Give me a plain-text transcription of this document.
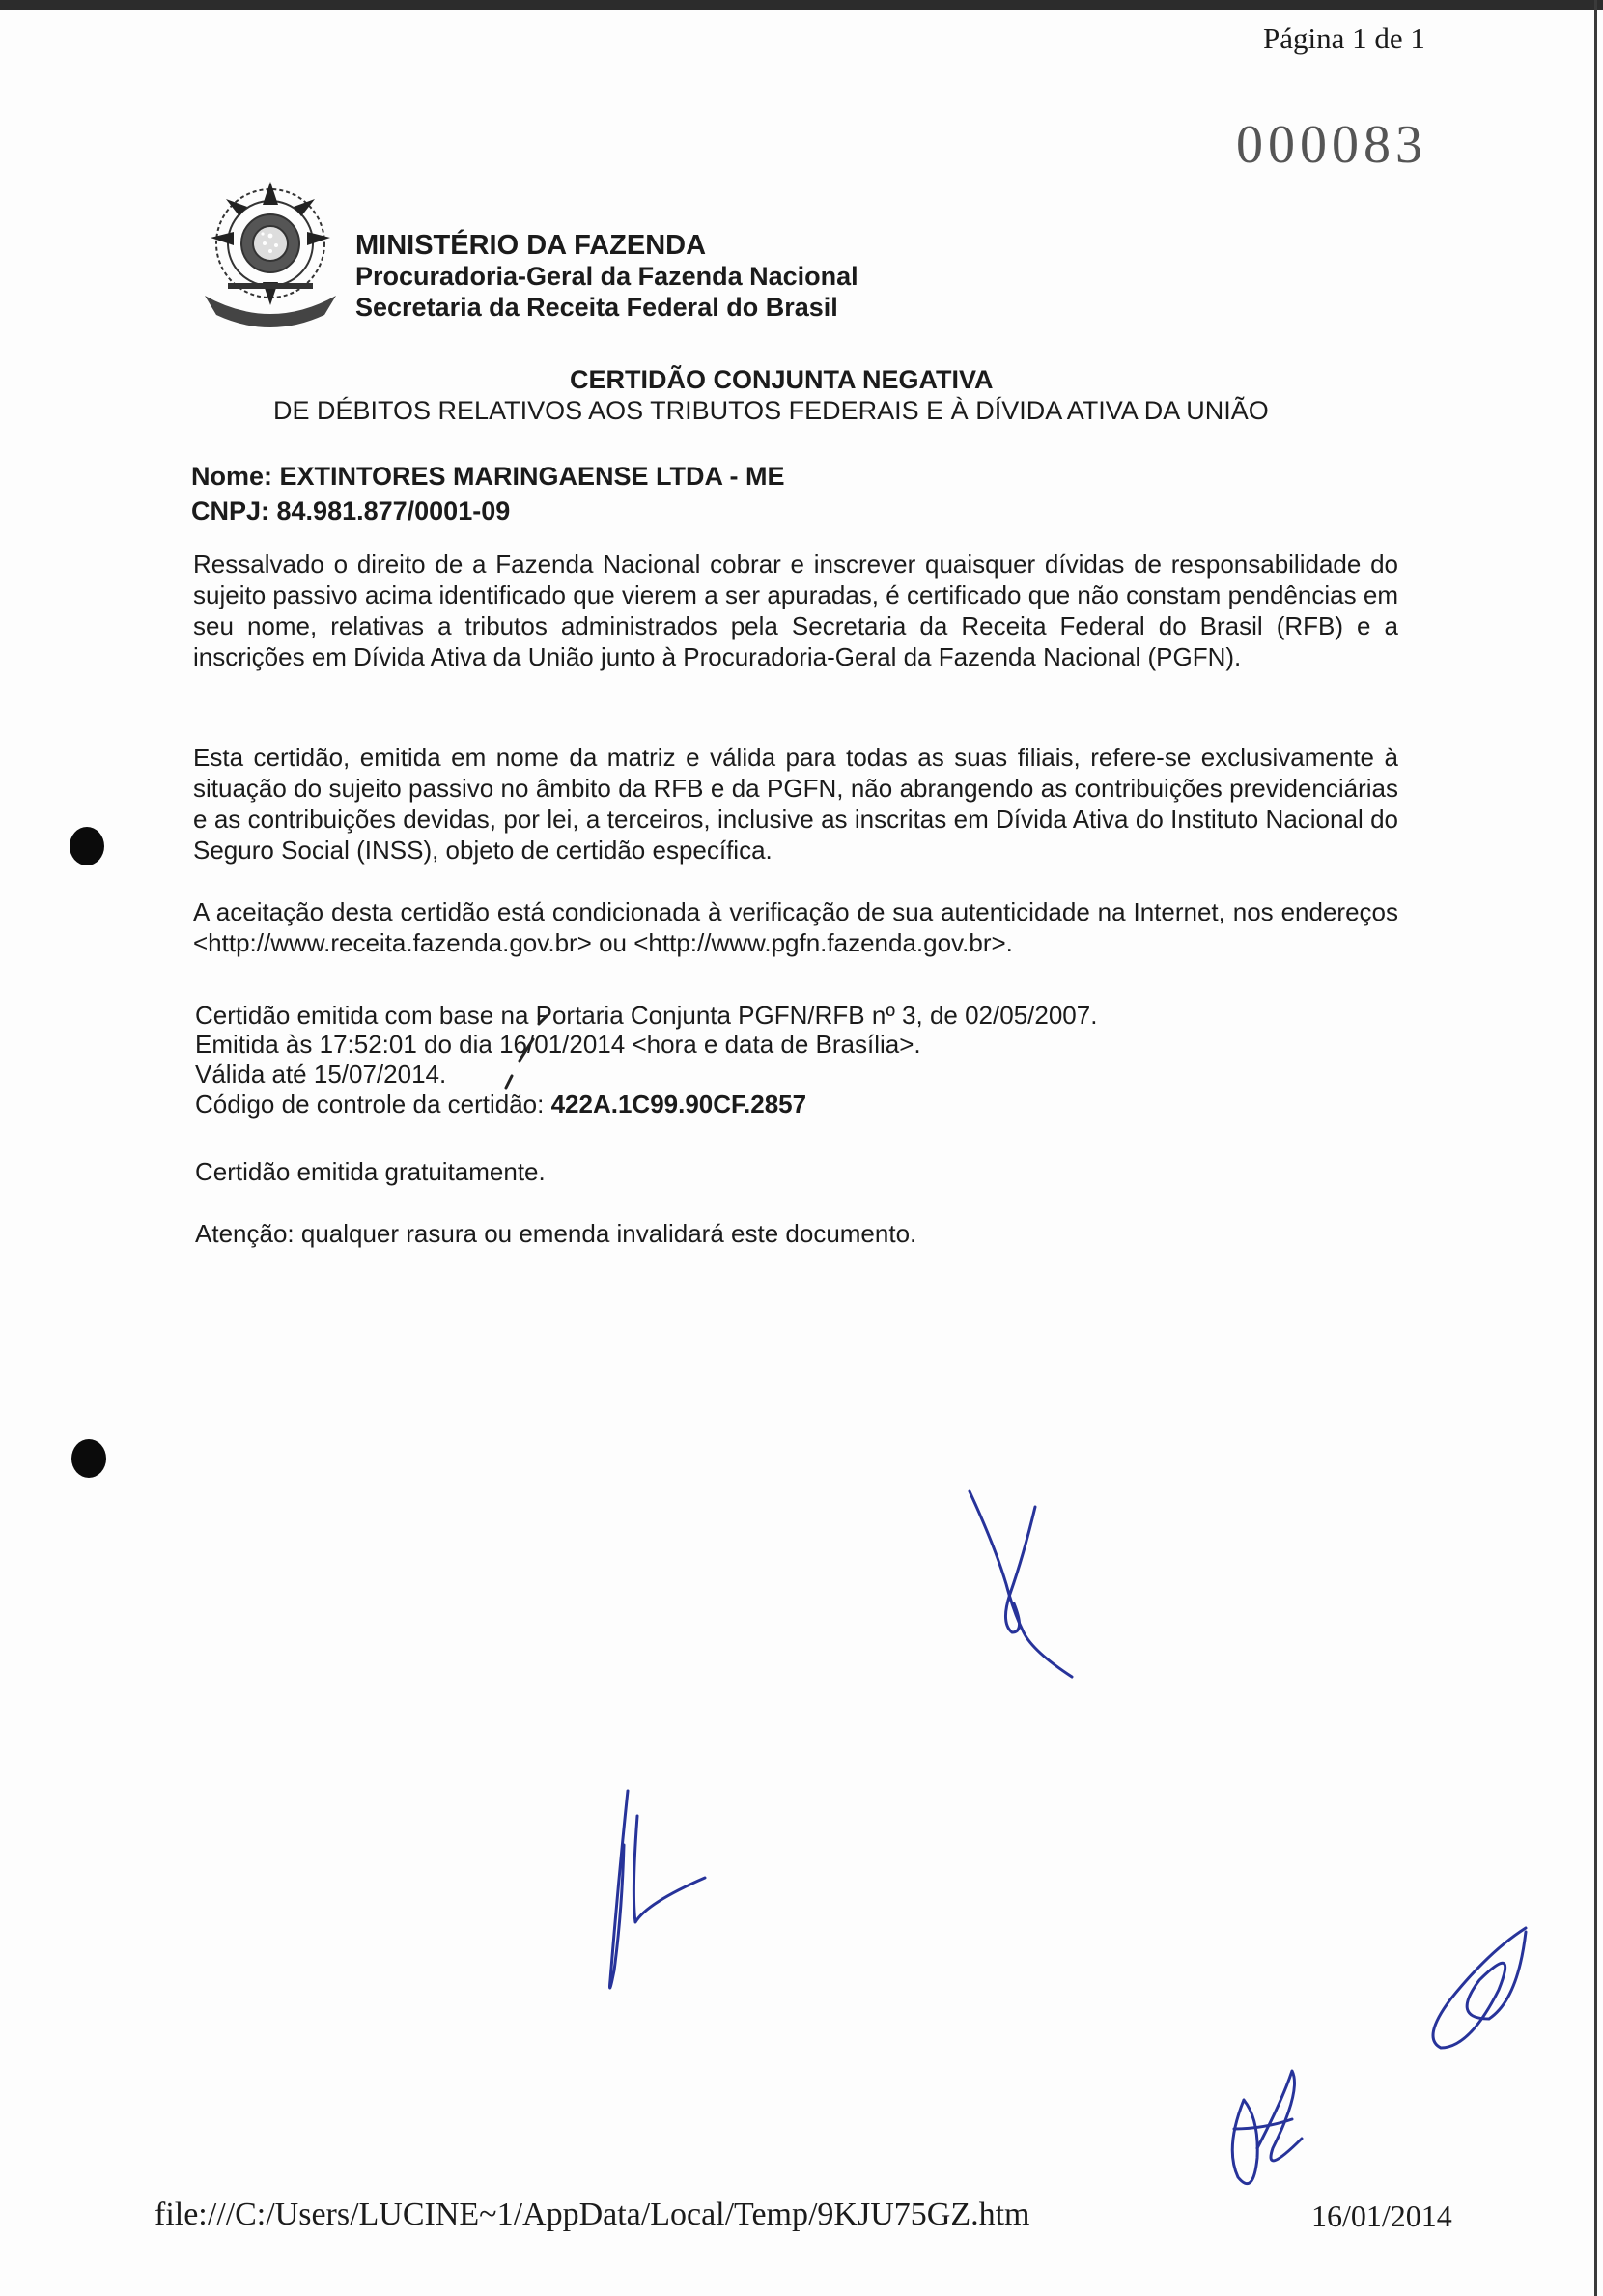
Página 1 de 1
000083
MINISTÉRIO DA FAZENDA
Procuradoria-Geral da Fazenda Nacional
Secretaria da Receita Federal do Brasil
CERTIDÃO CONJUNTA NEGATIVA
DE DÉBITOS RELATIVOS AOS TRIBUTOS FEDERAIS E À DÍVIDA ATIVA DA UNIÃO
Nome: EXTINTORES MARINGAENSE LTDA - ME
CNPJ: 84.981.877/0001-09
Ressalvado o direito de a Fazenda Nacional cobrar e inscrever quaisquer dívidas de responsabilidade do sujeito passivo acima identificado que vierem a ser apuradas, é certificado que não constam pendências em seu nome, relativas a tributos administrados pela Secretaria da Receita Federal do Brasil (RFB) e a inscrições em Dívida Ativa da União junto à Procuradoria-Geral da Fazenda Nacional (PGFN).
Esta certidão, emitida em nome da matriz e válida para todas as suas filiais, refere-se exclusivamente à situação do sujeito passivo no âmbito da RFB e da PGFN, não abrangendo as contribuições previdenciárias e as contribuições devidas, por lei, a terceiros, inclusive as inscritas em Dívida Ativa do Instituto Nacional do Seguro Social (INSS), objeto de certidão específica.
A aceitação desta certidão está condicionada à verificação de sua autenticidade na Internet, nos endereços <http://www.receita.fazenda.gov.br> ou <http://www.pgfn.fazenda.gov.br>.
Certidão emitida com base na Portaria Conjunta PGFN/RFB nº 3, de 02/05/2007.
Emitida às 17:52:01 do dia 16/01/2014 <hora e data de Brasília>.
Válida até 15/07/2014.
Código de controle da certidão: 422A.1C99.90CF.2857
Certidão emitida gratuitamente.
Atenção: qualquer rasura ou emenda invalidará este documento.
file:///C:/Users/LUCINE~1/AppData/Local/Temp/9KJU75GZ.htm	16/01/2014
